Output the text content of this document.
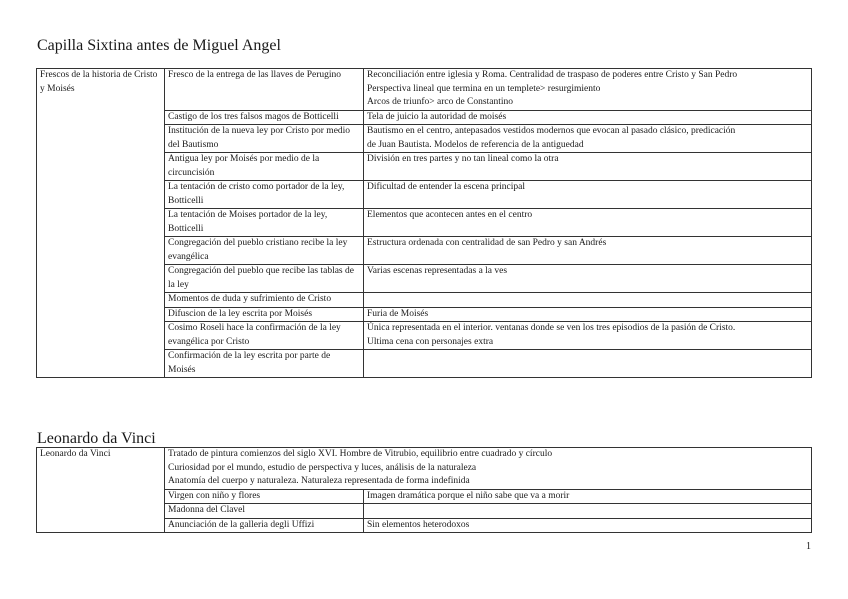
Capilla Sixtina antes de Miguel Angel
Frescos de la historia de Cristo y Moisés	Fresco de la entrega de las llaves de Perugino	Reconciliación entre iglesia y Roma. Centralidad de traspaso de poderes entre Cristo y San Pedro
Perspectiva lineal que termina en un templete> resurgimiento
Arcos de triunfo> arco de Constantino

	Castigo de los tres falsos magos de Botticelli	Tela de juicio la autoridad de moisés

	Institución de la nueva ley por Cristo por medio del Bautismo	Bautismo en el centro, antepasados vestidos modernos que evocan al pasado clásico, predicación
de Juan Bautista. Modelos de referencia de la antiguedad

	Antigua ley por Moisés por medio de la circuncisión	División en tres partes y no tan lineal como la otra

	La tentación de cristo como portador de la ley, Botticelli	Dificultad de entender la escena principal

	La tentación de Moises portador de la ley, Botticelli	Elementos que acontecen antes en el centro

	Congregación del pueblo cristiano recibe la ley evangélica	Estructura ordenada con centralidad de san Pedro y san Andrés

	Congregación del pueblo que recibe las tablas de la ley	Varias escenas representadas a la ves

	Momentos de duda y sufrimiento de Cristo	
	Difuscion de la ley escrita por Moisés	Furia de Moisés

	Cosimo Roseli hace la confirmación de la ley evangélica por Cristo	Única representada en el interior. ventanas donde se ven los tres episodios de la pasión de Cristo.
Ultima cena con personajes extra

	Confirmación de la ley escrita por parte de Moisés	
Leonardo da Vinci
Leonardo da Vinci	Tratado de pintura comienzos del siglo XVI. Hombre de Vitrubio, equilibrio entre cuadrado y círculo
Curiosidad por el mundo, estudio de perspectiva y luces, análisis de la naturaleza
Anatomía del cuerpo y naturaleza. Naturaleza representada de forma indefinida	

	Virgen con niño y flores	Imagen dramática porque el niño sabe que va a morir
	Madonna del Clavel	
	Anunciación de la galleria degli Uffizi	Sin elementos heterodoxos
1
